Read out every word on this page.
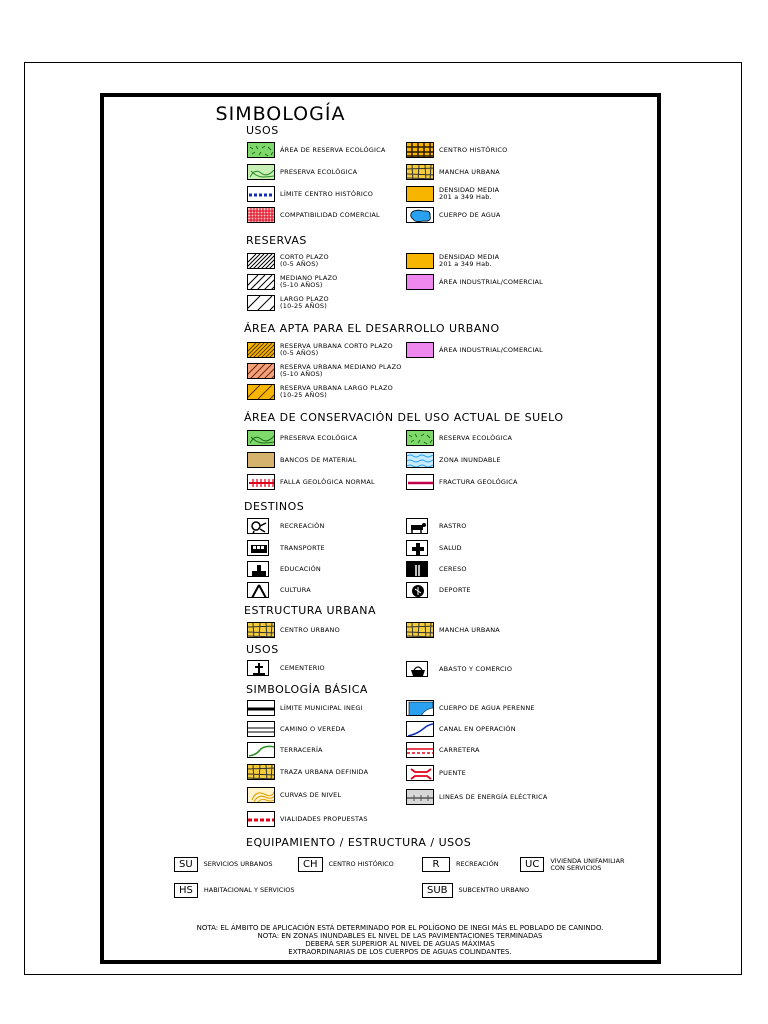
SIMBOLOGÍA
USOS
ÁREA DE RESERVA ECOLÓGICA
PRESERVA ECOLÓGICA
LÍMITE CENTRO HISTÓRICO
COMPATIBILIDAD COMERCIAL
CENTRO HISTÓRICO
MANCHA URBANA
DENSIDAD MEDIA
201 a 349 Hab.
CUERPO DE AGUA
RESERVAS
CORTO PLAZO
(0-5 AÑOS)
MEDIANO PLAZO
(5-10 AÑOS)
LARGO PLAZO
(10-25 AÑOS)
DENSIDAD MEDIA
201 a 349 Hab.
ÁREA INDUSTRIAL/COMERCIAL
ÁREA APTA PARA EL DESARROLLO URBANO
RESERVA URBANA CORTO PLAZO
(0-5 AÑOS)
RESERVA URBANA MEDIANO PLAZO
(5-10 AÑOS)
RESERVA URBANA LARGO PLAZO
(10-25 AÑOS)
ÁREA INDUSTRIAL/COMERCIAL
ÁREA DE CONSERVACIÓN DEL USO ACTUAL DE SUELO
PRESERVA ECOLÓGICA
BANCOS DE MATERIAL
FALLA GEOLÓGICA NORMAL
RESERVA ECOLÓGICA
ZONA INUNDABLE
FRACTURA GEOLÓGICA
DESTINOS
RECREACIÓN
TRANSPORTE
EDUCACIÓN
CULTURA
RASTRO
SALUD
CERESO
DEPORTE
ESTRUCTURA URBANA
CENTRO URBANO	MANCHA URBANA
USOS
CEMENTERIO	ABASTO Y COMERCIO
SIMBOLOGÍA BÁSICA
LÍMITE MUNICIPAL INEGI
CAMINO O VEREDA
TERRACERÍA
TRAZA URBANA DEFINIDA
CURVAS DE NIVEL
VIALIDADES PROPUESTAS
CUERPO DE AGUA PERENNE
CANAL EN OPERACIÓN
CARRETERA
PUENTE
LINEAS DE ENERGÍA ELÉCTRICA
EQUIPAMIENTO / ESTRUCTURA / USOS
SU	SERVICIOS URBANOS	CH	CENTRO HISTÓRICO	R	RECREACIÓN	UC	VIVIENDA UNIFAMILIAR
CON SERVICIOS
HS	HABITACIONAL Y SERVICIOS	SUB	SUBCENTRO URBANO
NOTA: EL ÁMBITO DE APLICACIÓN ESTÁ DETERMINADO POR EL POLÍGONO DE INEGI MÁS EL POBLADO DE CANINDO.
NOTA: EN ZONAS INUNDABLES EL NIVEL DE LAS PAVIMENTACIONES TERMINADAS
DEBERÁ SER SUPERIOR AL NIVEL DE AGUAS MÁXIMAS
EXTRAORDINARIAS DE LOS CUERPOS DE AGUAS COLINDANTES.
